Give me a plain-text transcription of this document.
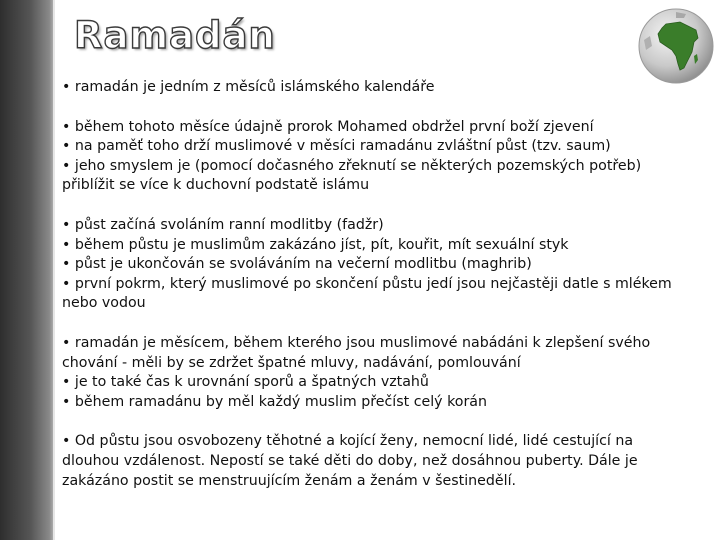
Ramadán

• ramadán je jedním z měsíců islámského kalendáře

• během tohoto měsíce údajně prorok Mohamed obdržel první boží zjevení
• na paměť toho drží muslimové v měsíci ramadánu zvláštní půst (tzv. saum)
• jeho smyslem je (pomocí dočasného zřeknutí se některých pozemských potřeb)
přiblížit se více k duchovní podstatě islámu

• půst začíná svoláním ranní modlitby (fadžr)
• během půstu je muslimům zakázáno jíst, pít, kouřit, mít sexuální styk
• půst je ukončován se svoláváním na večerní modlitbu (maghrib)
• první pokrm, který muslimové po skončení půstu jedí jsou nejčastěji datle s mlékem
nebo vodou

• ramadán je měsícem, během kterého jsou muslimové nabádáni k zlepšení svého
chování - měli by se zdržet špatné mluvy, nadávání, pomlouvání
• je to také čas k urovnání sporů a špatných vztahů
• během ramadánu by měl každý muslim přečíst celý korán

• Od půstu jsou osvobozeny těhotné a kojící ženy, nemocní lidé, lidé cestující na
dlouhou vzdálenost. Nepostí se také děti do doby, než dosáhnou puberty. Dále je
zakázáno postit se menstruujícím ženám a ženám v šestinedělí.
